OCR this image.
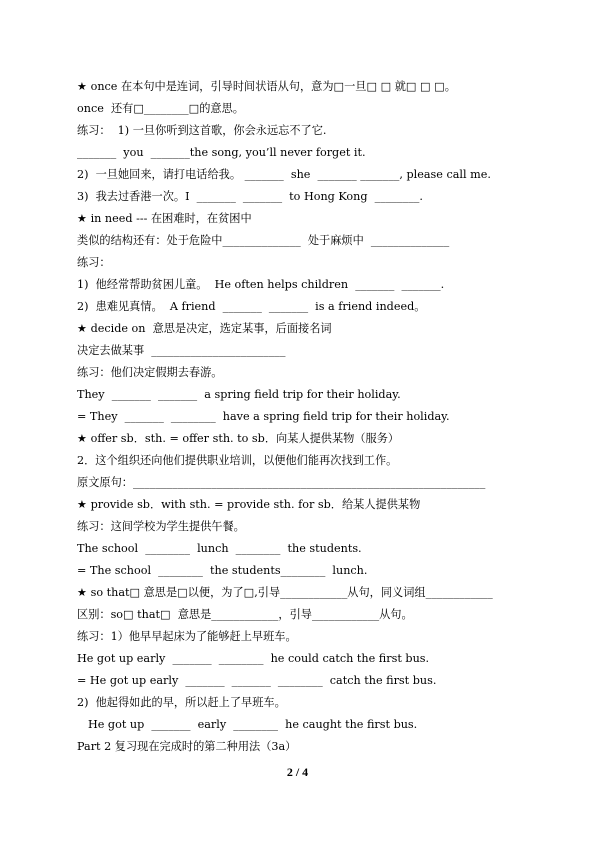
★ once 在本句中是连词，引导时间状语从句，意为□一旦□ □ 就□ □ □。
once  还有□________□的意思。
练习：  1) 一旦你听到这首歌，你会永远忘不了它.
_______  you  _______the song, you’ll never forget it.
2)  一旦她回来，请打电话给我。 _______  she  _______ _______, please call me.
3)  我去过香港一次。I  _______  _______  to Hong Kong  ________.
★ in need --- 在困难时，在贫困中
类似的结构还有：处于危险中______________  处于麻烦中  ______________
练习：
1)  他经常帮助贫困儿童。  He often helps children  _______  _______.
2)  患难见真情。  A friend  _______  _______  is a friend indeed。
★ decide on  意思是决定，选定某事，后面接名词
决定去做某事  ________________________
练习：他们决定假期去春游。
They  _______  _______  a spring field trip for their holiday.
= They  _______  ________  have a spring field trip for their holiday.
★ offer sb．sth. = offer sth. to sb．向某人提供某物（服务）
2．这个组织还向他们提供职业培训，以便他们能再次找到工作。
原文原句：_______________________________________________________________
★ provide sb．with sth. = provide sth. for sb．给某人提供某物
练习：这间学校为学生提供午餐。
The school  ________  lunch  ________  the students.
= The school  ________  the students________  lunch.
★ so that□ 意思是□以便，为了□,引导____________从句，同义词组____________
区别：so□ that□  意思是____________，引导____________从句。
练习：1）他早早起床为了能够赶上早班车。
He got up early  _______  ________  he could catch the first bus.
= He got up early  _______  _______  ________  catch the first bus.
2)  他起得如此的早，所以赶上了早班车。
He got up  _______  early  ________  he caught the first bus.
Part 2 复习现在完成时的第二种用法（3a）
2 / 4
